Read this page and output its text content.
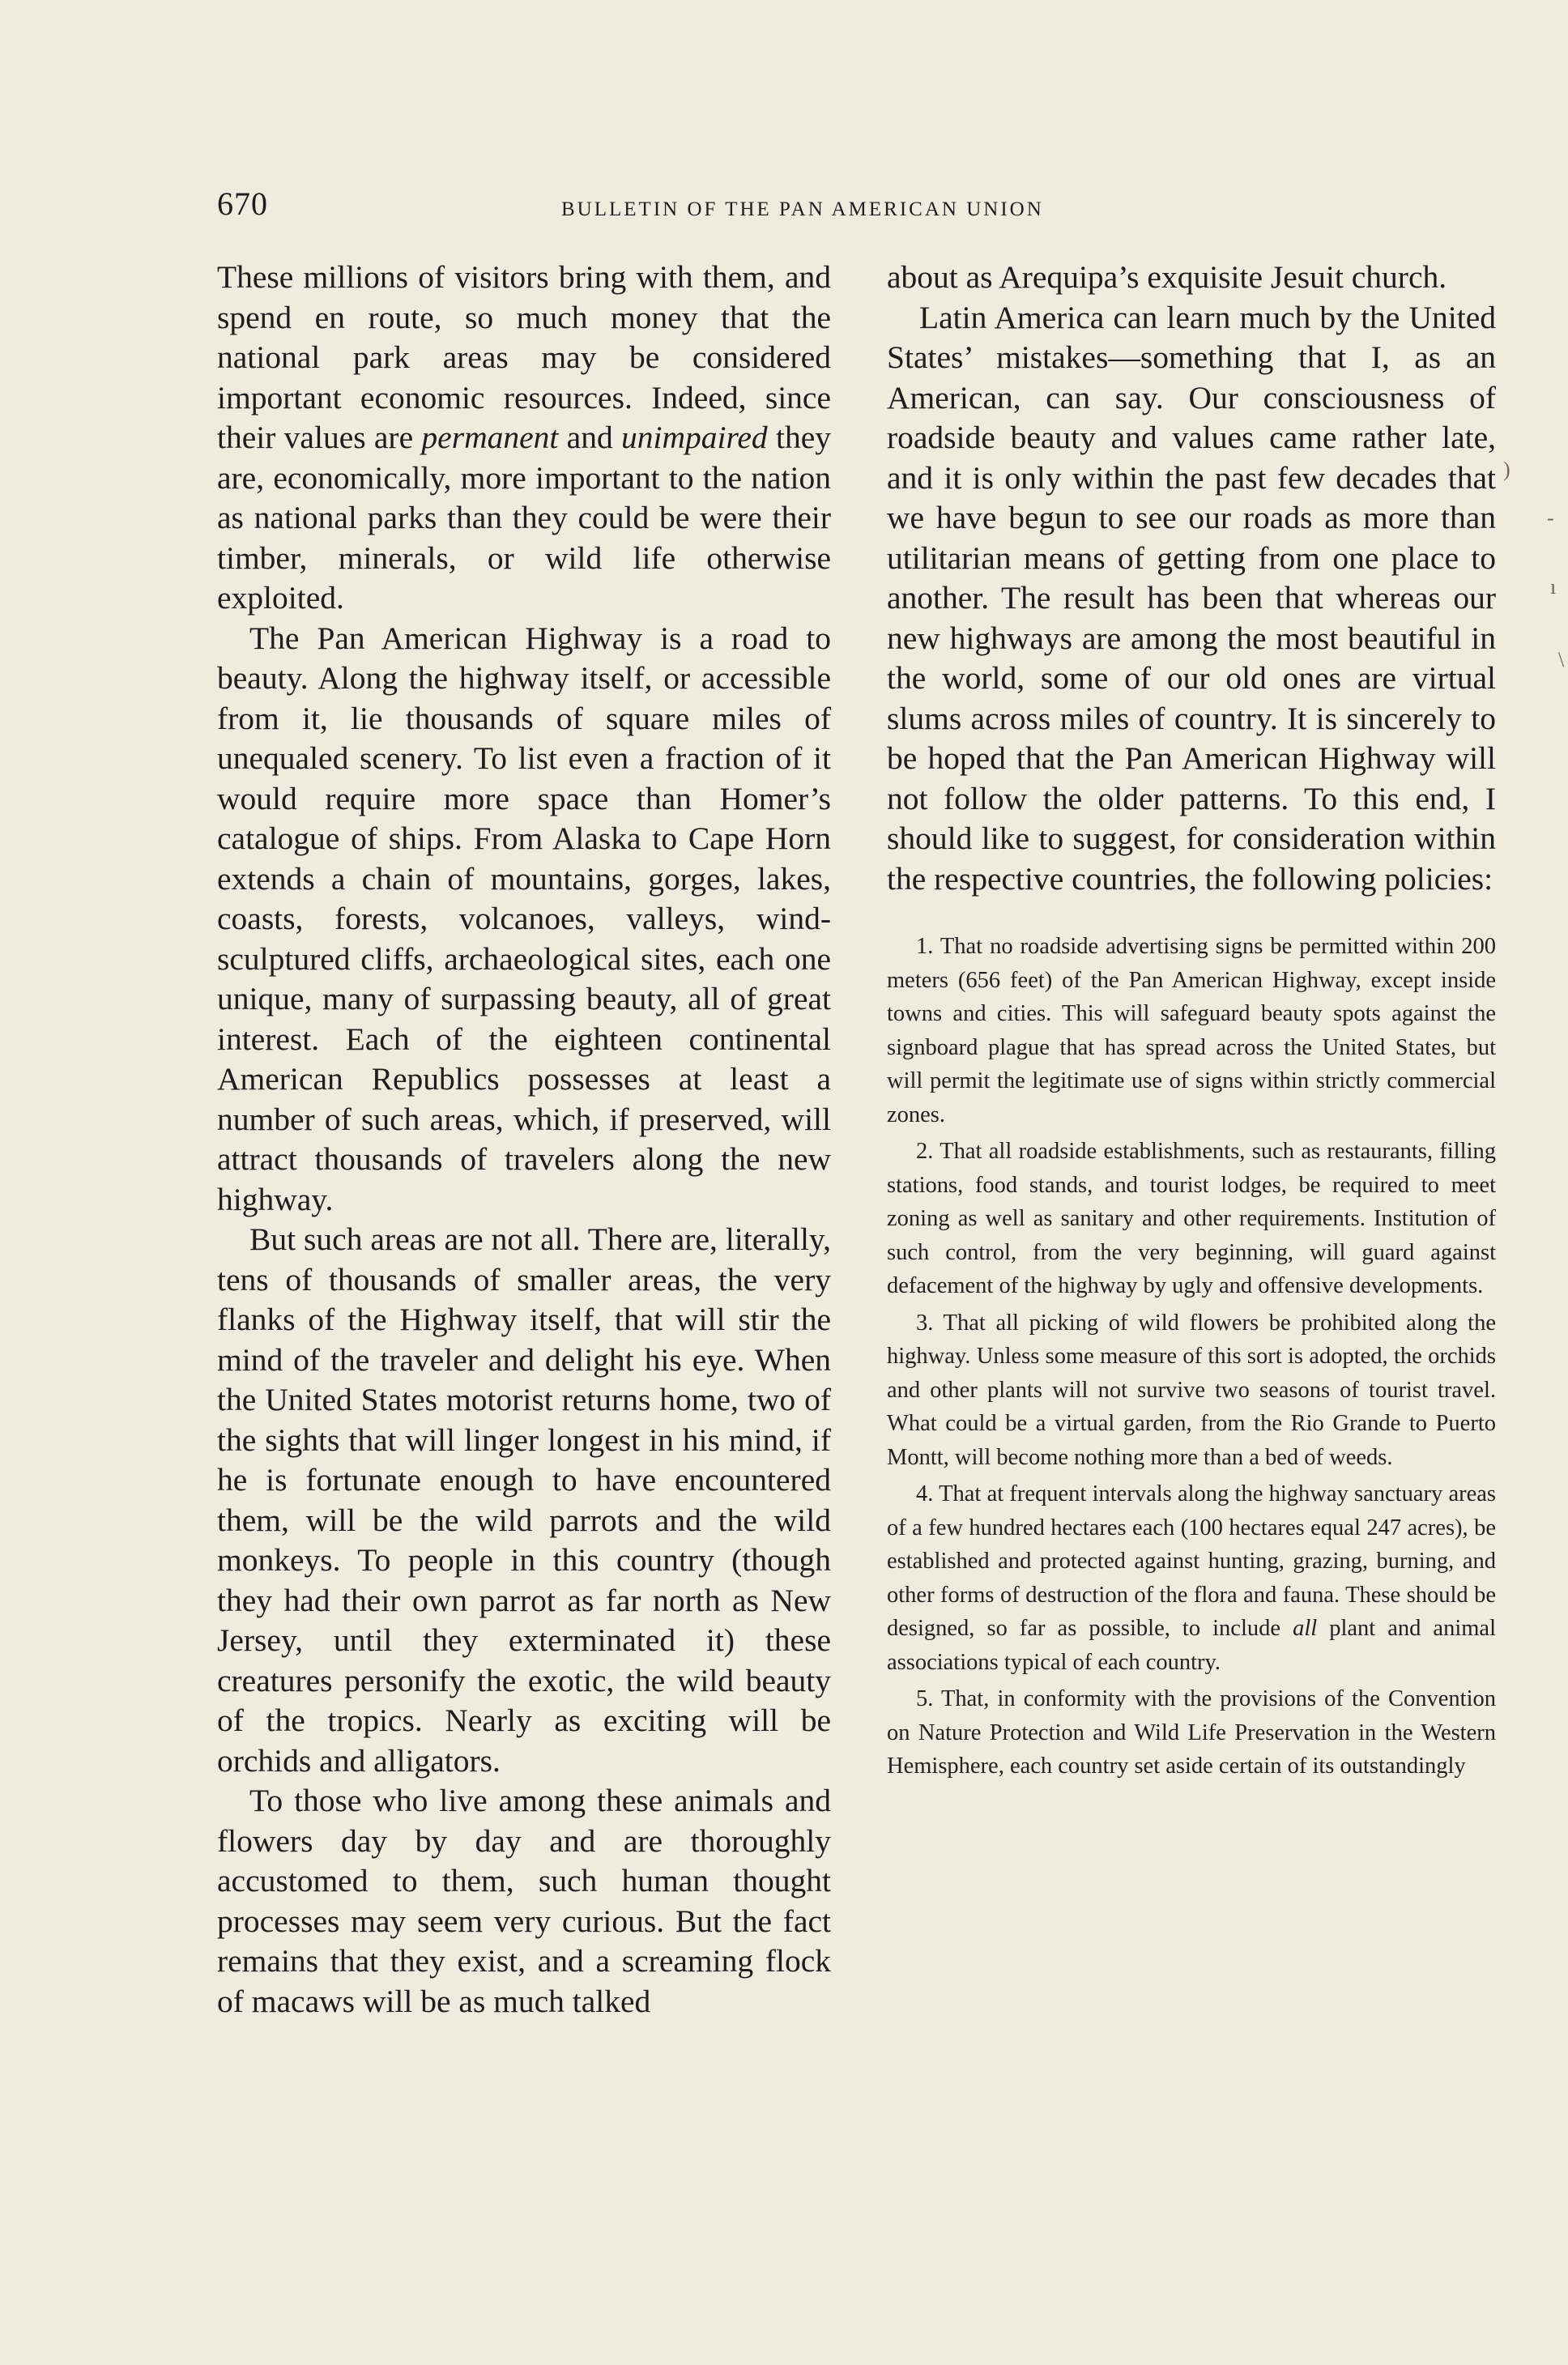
670	BULLETIN OF THE PAN AMERICAN UNION

These millions of visitors bring with them, and spend en route, so much money that the national park areas may be considered important economic resources. Indeed, since their values are permanent and unimpaired they are, economically, more important to the nation as national parks than they could be were their timber, minerals, or wild life otherwise exploited.

The Pan American Highway is a road to beauty. Along the highway itself, or accessible from it, lie thousands of square miles of unequaled scenery. To list even a fraction of it would require more space than Homer’s catalogue of ships. From Alaska to Cape Horn extends a chain of mountains, gorges, lakes, coasts, forests, volcanoes, valleys, wind-sculptured cliffs, archaeological sites, each one unique, many of surpassing beauty, all of great interest. Each of the eighteen continental American Republics possesses at least a number of such areas, which, if preserved, will attract thousands of travelers along the new highway.

But such areas are not all. There are, literally, tens of thousands of smaller areas, the very flanks of the Highway itself, that will stir the mind of the traveler and delight his eye. When the United States motorist returns home, two of the sights that will linger longest in his mind, if he is fortunate enough to have encountered them, will be the wild parrots and the wild monkeys. To people in this country (though they had their own parrot as far north as New Jersey, until they exterminated it) these creatures personify the exotic, the wild beauty of the tropics. Nearly as exciting will be orchids and alligators.

To those who live among these animals and flowers day by day and are thoroughly accustomed to them, such human thought processes may seem very curious. But the fact remains that they exist, and a screaming flock of macaws will be as much talked

about as Arequipa’s exquisite Jesuit church.

Latin America can learn much by the United States’ mistakes—something that I, as an American, can say. Our consciousness of roadside beauty and values came rather late, and it is only within the past few decades that we have begun to see our roads as more than utilitarian means of getting from one place to another. The result has been that whereas our new highways are among the most beautiful in the world, some of our old ones are virtual slums across miles of country. It is sincerely to be hoped that the Pan American Highway will not follow the older patterns. To this end, I should like to suggest, for consideration within the respective countries, the following policies:

1. That no roadside advertising signs be permitted within 200 meters (656 feet) of the Pan American Highway, except inside towns and cities. This will safeguard beauty spots against the signboard plague that has spread across the United States, but will permit the legitimate use of signs within strictly commercial zones.

2. That all roadside establishments, such as restaurants, filling stations, food stands, and tourist lodges, be required to meet zoning as well as sanitary and other requirements. Institution of such control, from the very beginning, will guard against defacement of the highway by ugly and offensive developments.

3. That all picking of wild flowers be prohibited along the highway. Unless some measure of this sort is adopted, the orchids and other plants will not survive two seasons of tourist travel. What could be a virtual garden, from the Rio Grande to Puerto Montt, will become nothing more than a bed of weeds.

4. That at frequent intervals along the highway sanctuary areas of a few hundred hectares each (100 hectares equal 247 acres), be established and protected against hunting, grazing, burning, and other forms of destruction of the flora and fauna. These should be designed, so far as possible, to include all plant and animal associations typical of each country.

5. That, in conformity with the provisions of the Convention on Nature Protection and Wild Life Preservation in the Western Hemisphere, each country set aside certain of its outstandingly

)
-
ı
\
